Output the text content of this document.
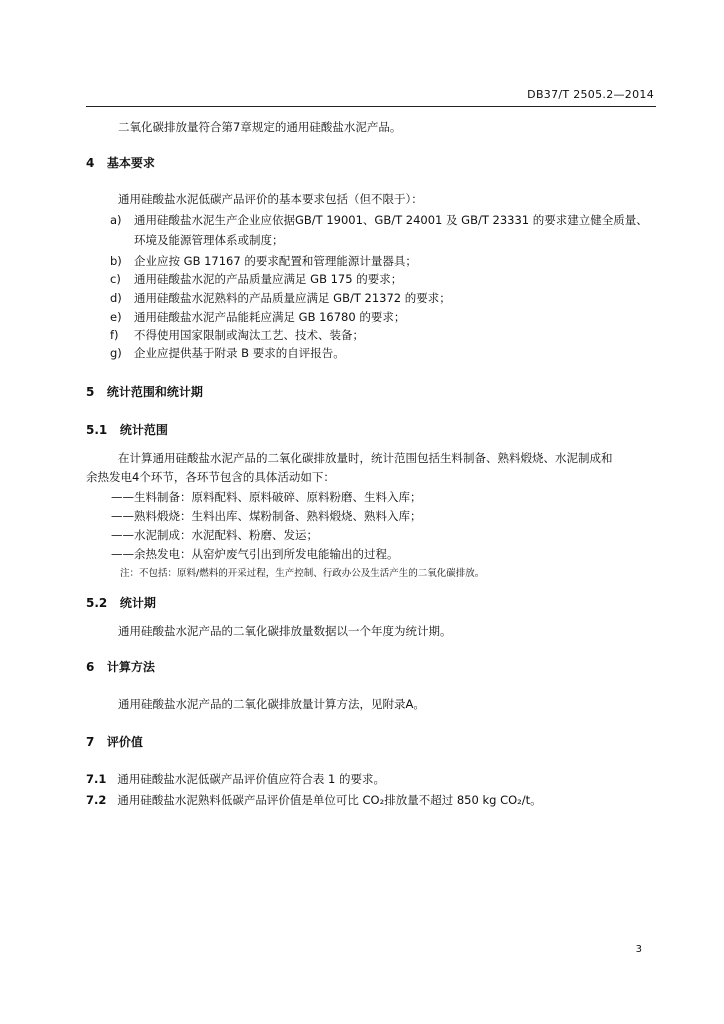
DB37/T 2505.2—2014
二氧化碳排放量符合第7章规定的通用硅酸盐水泥产品。
4 基本要求
通用硅酸盐水泥低碳产品评价的基本要求包括（但不限于）：
a) 通用硅酸盐水泥生产企业应依据GB/T 19001、GB/T 24001 及 GB/T 23331 的要求建立健全质量、
环境及能源管理体系或制度；
b) 企业应按 GB 17167 的要求配置和管理能源计量器具；
c) 通用硅酸盐水泥的产品质量应满足 GB 175 的要求；
d) 通用硅酸盐水泥熟料的产品质量应满足 GB/T 21372 的要求；
e) 通用硅酸盐水泥产品能耗应满足 GB 16780 的要求；
f) 不得使用国家限制或淘汰工艺、技术、装备；
g) 企业应提供基于附录 B 要求的自评报告。
5 统计范围和统计期
5.1 统计范围
在计算通用硅酸盐水泥产品的二氧化碳排放量时，统计范围包括生料制备、熟料煅烧、水泥制成和
余热发电4个环节，各环节包含的具体活动如下：
——生料制备：原料配料、原料破碎、原料粉磨、生料入库；
——熟料煅烧：生料出库、煤粉制备、熟料煅烧、熟料入库；
——水泥制成：水泥配料、粉磨、发运；
——余热发电：从窑炉废气引出到所发电能输出的过程。
注：不包括：原料/燃料的开采过程，生产控制、行政办公及生活产生的二氧化碳排放。
5.2 统计期
通用硅酸盐水泥产品的二氧化碳排放量数据以一个年度为统计期。
6 计算方法
通用硅酸盐水泥产品的二氧化碳排放量计算方法，见附录A。
7 评价值
7.1 通用硅酸盐水泥低碳产品评价值应符合表 1 的要求。
7.2 通用硅酸盐水泥熟料低碳产品评价值是单位可比 CO₂排放量不超过 850 kg CO₂/t。
3
